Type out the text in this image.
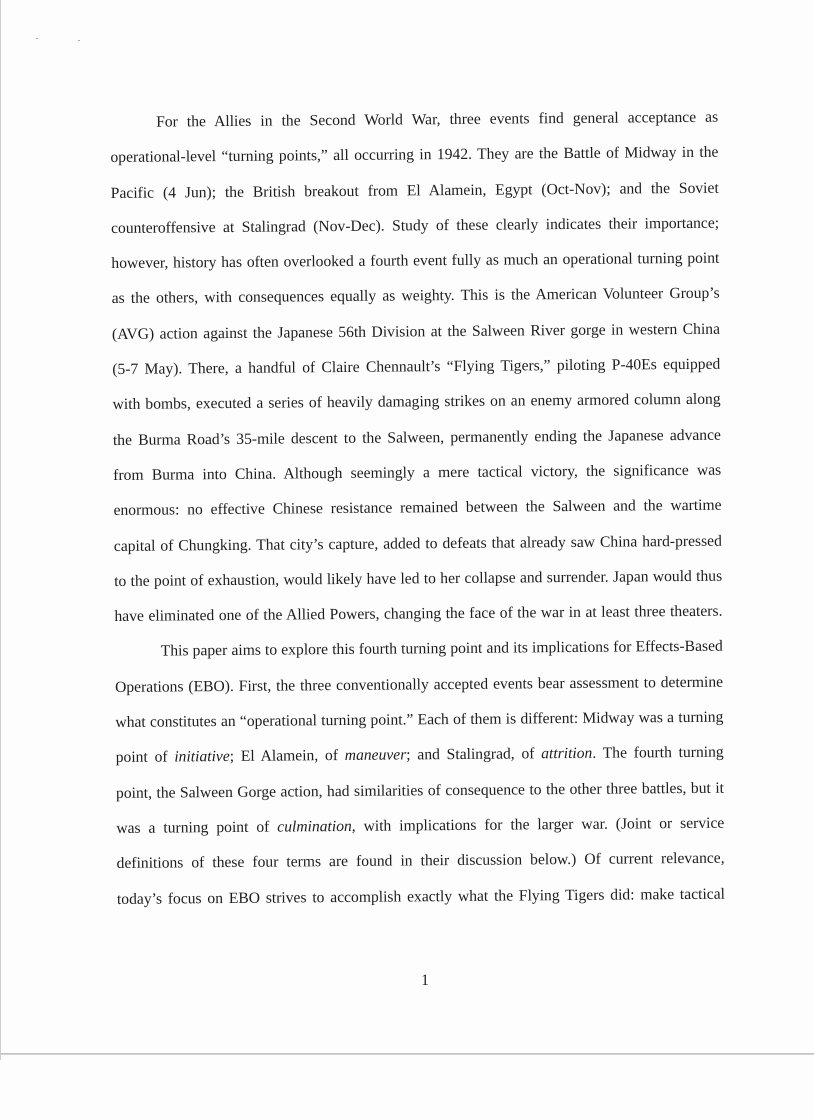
For the Allies in the Second World War, three events find general acceptance as
operational-level “turning points,” all occurring in 1942. They are the Battle of Midway in the
Pacific (4 Jun); the British breakout from El Alamein, Egypt (Oct-Nov); and the Soviet
counteroffensive at Stalingrad (Nov-Dec). Study of these clearly indicates their importance;
however, history has often overlooked a fourth event fully as much an operational turning point
as the others, with consequences equally as weighty. This is the American Volunteer Group’s
(AVG) action against the Japanese 56th Division at the Salween River gorge in western China
(5-7 May). There, a handful of Claire Chennault’s “Flying Tigers,” piloting P-40Es equipped
with bombs, executed a series of heavily damaging strikes on an enemy armored column along
the Burma Road’s 35-mile descent to the Salween, permanently ending the Japanese advance
from Burma into China. Although seemingly a mere tactical victory, the significance was
enormous: no effective Chinese resistance remained between the Salween and the wartime
capital of Chungking. That city’s capture, added to defeats that already saw China hard-pressed
to the point of exhaustion, would likely have led to her collapse and surrender. Japan would thus
have eliminated one of the Allied Powers, changing the face of the war in at least three theaters.
This paper aims to explore this fourth turning point and its implications for Effects-Based
Operations (EBO). First, the three conventionally accepted events bear assessment to determine
what constitutes an “operational turning point.” Each of them is different: Midway was a turning
point of initiative; El Alamein, of maneuver; and Stalingrad, of attrition. The fourth turning
point, the Salween Gorge action, had similarities of consequence to the other three battles, but it
was a turning point of culmination, with implications for the larger war. (Joint or service
definitions of these four terms are found in their discussion below.) Of current relevance,
today’s focus on EBO strives to accomplish exactly what the Flying Tigers did: make tactical
1
